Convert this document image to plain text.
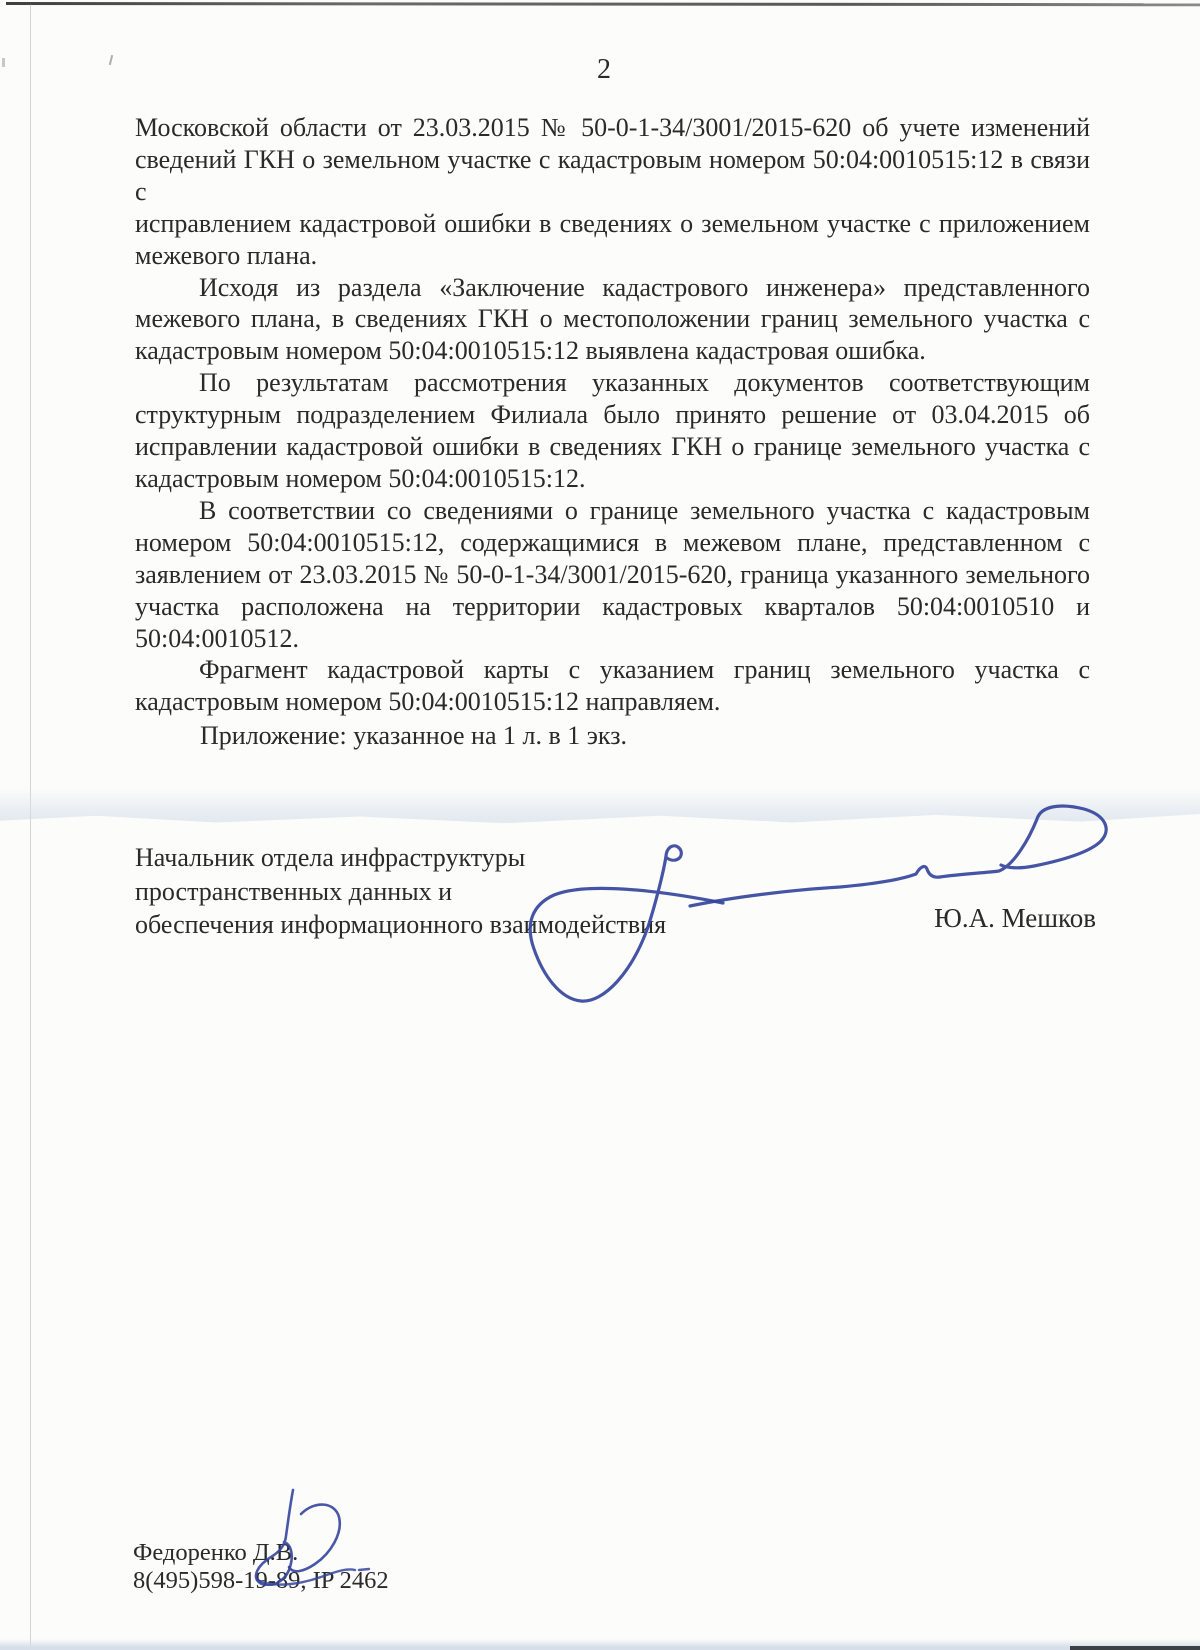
2
Московской области от 23.03.2015 № 50-0-1-34/3001/2015-620 об учете изменений
сведений ГКН о земельном участке с кадастровым номером 50:04:0010515:12 в связи с
исправлением кадастровой ошибки в сведениях о земельном участке с приложением
межевого плана.
Исходя из раздела «Заключение кадастрового инженера» представленного
межевого плана, в сведениях ГКН о местоположении границ земельного участка с
кадастровым номером 50:04:0010515:12 выявлена кадастровая ошибка.
По результатам рассмотрения указанных документов соответствующим
структурным подразделением Филиала было принято решение от 03.04.2015 об
исправлении кадастровой ошибки в сведениях ГКН о границе земельного участка с
кадастровым номером 50:04:0010515:12.
В соответствии со сведениями о границе земельного участка с кадастровым
номером 50:04:0010515:12, содержащимися в межевом плане, представленном с
заявлением от 23.03.2015 № 50-0-1-34/3001/2015-620, граница указанного земельного
участка расположена на территории кадастровых кварталов 50:04:0010510 и
50:04:0010512.
Фрагмент кадастровой карты с указанием границ земельного участка с
кадастровым номером 50:04:0010515:12 направляем.
Приложение: указанное на 1 л. в 1 экз.
Начальник отдела инфраструктуры
пространственных данных и
обеспечения информационного взаимодействия	Ю.А. Мешков
Федоренко Д.В.
8(495)598-19-89, IP 2462
